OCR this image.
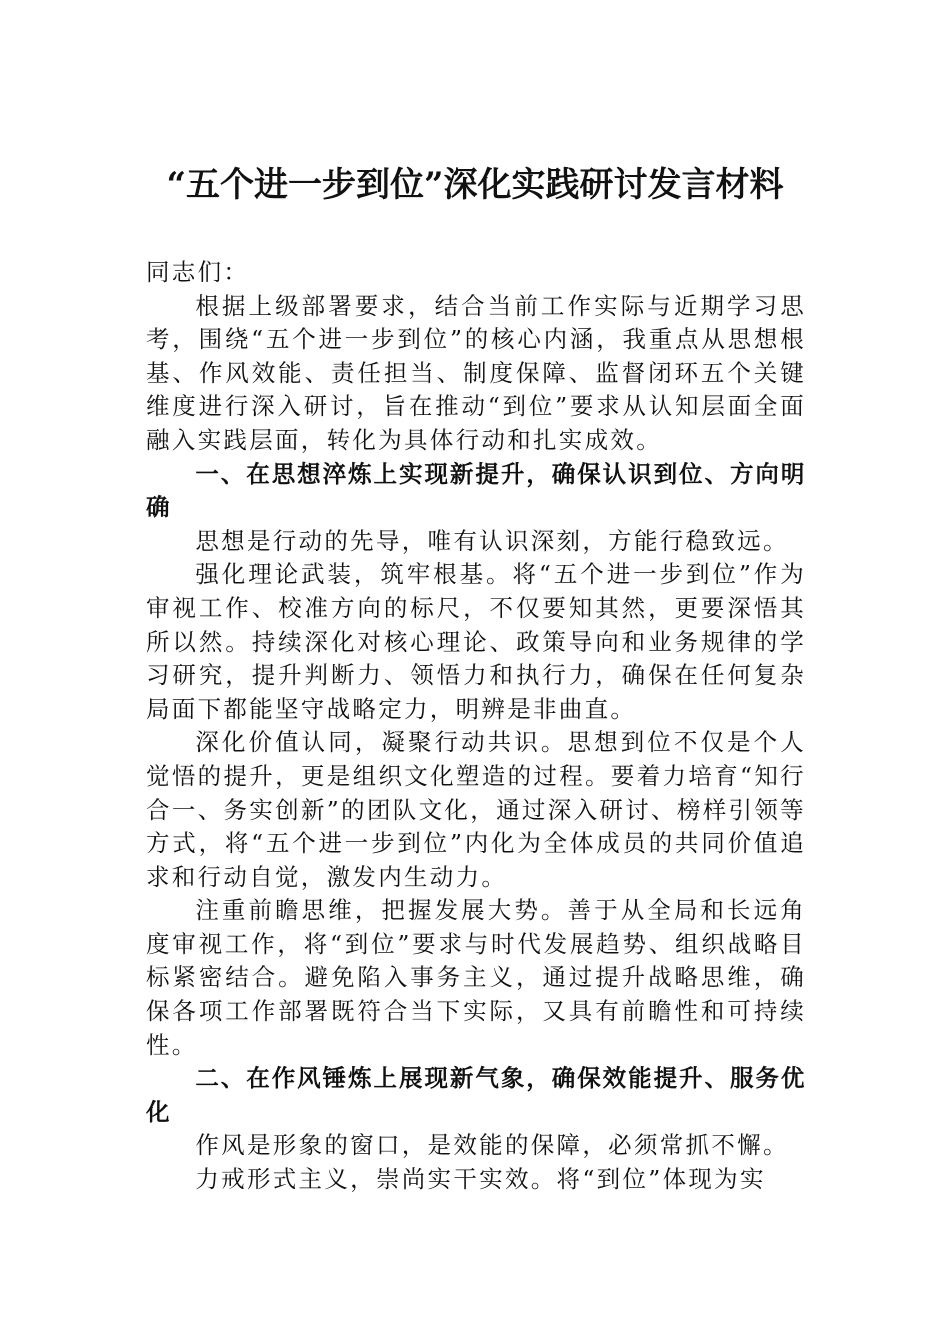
“五个进一步到位”深化实践研讨发言材料

同志们：

根据上级部署要求，结合当前工作实际与近期学习思考，围绕“五个进一步到位”的核心内涵，我重点从思想根基、作风效能、责任担当、制度保障、监督闭环五个关键维度进行深入研讨，旨在推动“到位”要求从认知层面全面融入实践层面，转化为具体行动和扎实成效。

一、在思想淬炼上实现新提升，确保认识到位、方向明确

思想是行动的先导，唯有认识深刻，方能行稳致远。

强化理论武装，筑牢根基。将“五个进一步到位”作为审视工作、校准方向的标尺，不仅要知其然，更要深悟其所以然。持续深化对核心理论、政策导向和业务规律的学习研究，提升判断力、领悟力和执行力，确保在任何复杂局面下都能坚守战略定力，明辨是非曲直。

深化价值认同，凝聚行动共识。思想到位不仅是个人觉悟的提升，更是组织文化塑造的过程。要着力培育“知行合一、务实创新”的团队文化，通过深入研讨、榜样引领等方式，将“五个进一步到位”内化为全体成员的共同价值追求和行动自觉，激发内生动力。

注重前瞻思维，把握发展大势。善于从全局和长远角度审视工作，将“到位”要求与时代发展趋势、组织战略目标紧密结合。避免陷入事务主义，通过提升战略思维，确保各项工作部署既符合当下实际，又具有前瞻性和可持续性。

二、在作风锤炼上展现新气象，确保效能提升、服务优化

作风是形象的窗口，是效能的保障，必须常抓不懈。

力戒形式主义，崇尚实干实效。将“到位”体现为实
